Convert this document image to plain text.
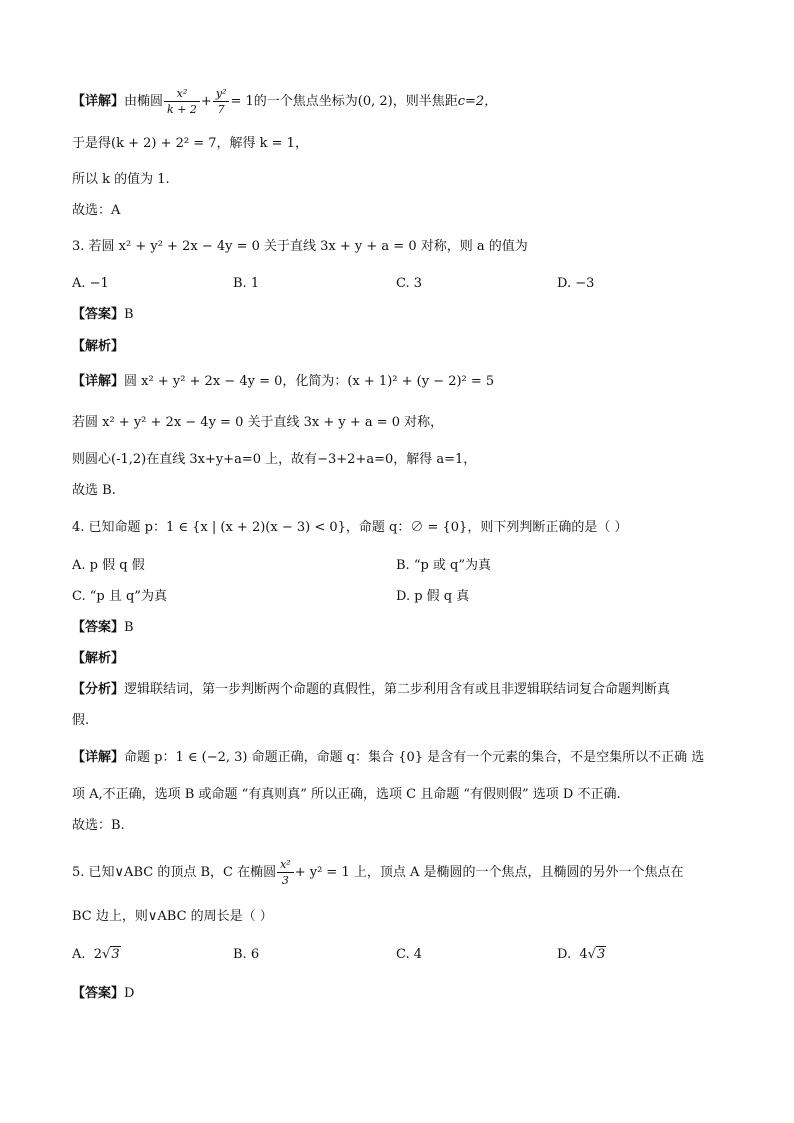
【详解】由椭圆 $\frac{\text{x²}}{k + 2} + \frac{\text{y²}}{7} = 1$的一个焦点坐标为(0, 2)，则半焦距c=2，
于是得(k + 2) + 2² = 7，解得 k = 1，
所以 k 的值为 1.
故选：A
3. 若圆 x² + y² + 2x − 4y = 0 关于直线 3x + y + a = 0 对称，则 a 的值为
A. −1	B. 1	C. 3	D. −3
【答案】B
【解析】
【详解】圆 x² + y² + 2x − 4y = 0，化简为：(x + 1)² + (y − 2)² = 5
若圆 x² + y² + 2x − 4y = 0 关于直线 3x + y + a = 0 对称，
则圆心(-1,2)在直线 3x+y+a=0 上，故有−3+2+a=0，解得 a=1，
故选 B.
4. 已知命题 p：1 ∈ {x | (x + 2)(x − 3) < 0}，命题 q：∅ = {0}，则下列判断正确的是（ ）
A. p 假 q 假	B. “p 或 q”为真
C. “p 且 q”为真	D. p 假 q 真
【答案】B
【解析】
【分析】逻辑联结词，第一步判断两个命题的真假性，第二步利用含有或且非逻辑联结词复合命题判断真
假.
【详解】命题 p：1 ∈ (−2, 3) 命题正确，命题 q：集合 {0} 是含有一个元素的集合，不是空集所以不正确 选
项 A,不正确，选项 B 或命题 “有真则真” 所以正确，选项 C 且命题 “有假则假” 选项 D 不正确.
故选：B.
5. 已知∨ABC 的顶点 B，C 在椭圆 $\frac{\text{x²}}{3} + y^2 = 1$ 上，顶点 A 是椭圆的一个焦点，且椭圆的另外一个焦点在
BC 边上，则∨ABC 的周长是（ ）
A. 2√3	B. 6	C. 4	D. 4√3
【答案】D
